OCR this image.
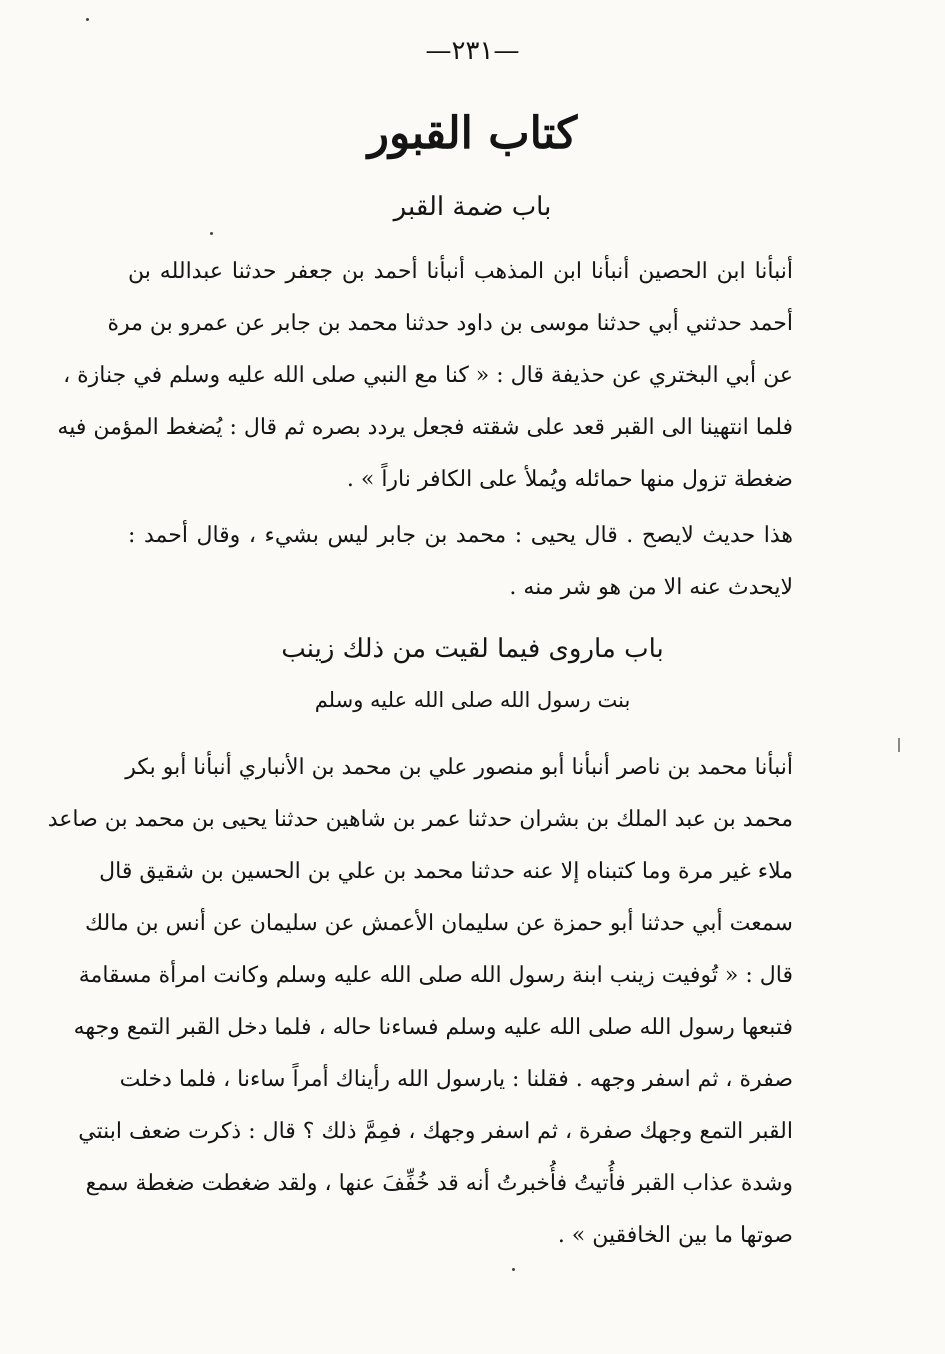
—٢٣١—
كتاب القبور
باب ضمة القبر
أنبأنا ابن الحصين أنبأنا ابن المذهب أنبأنا أحمد بن جعفر حدثنا عبدالله بن
أحمد حدثني أبي حدثنا موسى بن داود حدثنا محمد بن جابر عن عمرو بن مرة
عن أبي البختري عن حذيفة قال : « كنا مع النبي صلى الله عليه وسلم في جنازة ،
فلما انتهينا الى القبر قعد على شقته فجعل يردد بصره ثم قال : يُضغط المؤمن فيه
ضغطة تزول منها حمائله ويُملأ على الكافر ناراً » .
هذا حديث لايصح . قال يحيى : محمد بن جابر ليس بشيء ، وقال أحمد :
لايحدث عنه الا من هو شر منه .
باب ماروى فيما لقيت من ذلك زينب
بنت رسول الله صلى الله عليه وسلم
أنبأنا محمد بن ناصر أنبأنا أبو منصور علي بن محمد بن الأنباري أنبأنا أبو بكر
محمد بن عبد الملك بن بشران حدثنا عمر بن شاهين حدثنا يحيى بن محمد بن صاعد
ملاء غير مرة وما كتبناه إلا عنه حدثنا محمد بن علي بن الحسين بن شقيق قال
سمعت أبي حدثنا أبو حمزة عن سليمان الأعمش عن سليمان عن أنس بن مالك
قال : « تُوفيت زينب ابنة رسول الله صلى الله عليه وسلم وكانت امرأة مسقامة
فتبعها رسول الله صلى الله عليه وسلم فساءنا حاله ، فلما دخل القبر التمع وجهه
صفرة ، ثم اسفر وجهه . فقلنا : يارسول الله رأيناك أمراً ساءنا ، فلما دخلت
القبر التمع وجهك صفرة ، ثم اسفر وجهك ، فمِمَّ ذلك ؟ قال : ذكرت ضعف ابنتي
وشدة عذاب القبر فأُتيتُ فأُخبرتُ أنه قد خُفِّفَ عنها ، ولقد ضغطت ضغطة سمع
صوتها ما بين الخافقين » .
